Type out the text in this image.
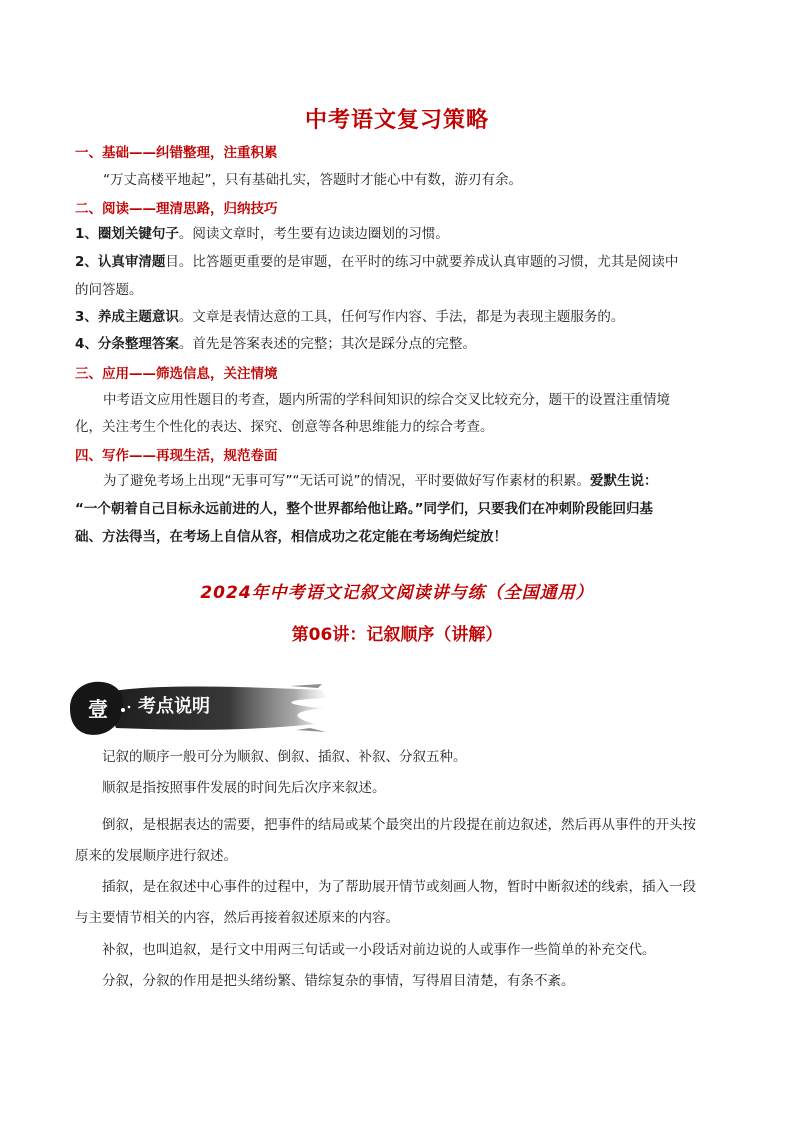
中考语文复习策略
一、基础——纠错整理，注重积累
“万丈高楼平地起”，只有基础扎实，答题时才能心中有数，游刃有余。
二、阅读——理清思路，归纳技巧
1、圈划关键句子。阅读文章时，考生要有边读边圈划的习惯。
2、认真审清题目。比答题更重要的是审题，在平时的练习中就要养成认真审题的习惯，尤其是阅读中
的问答题。
3、养成主题意识。文章是表情达意的工具，任何写作内容、手法，都是为表现主题服务的。
4、分条整理答案。首先是答案表述的完整；其次是踩分点的完整。
三、应用——筛选信息，关注情境
中考语文应用性题目的考查，题内所需的学科间知识的综合交叉比较充分，题干的设置注重情境
化，关注考生个性化的表达、探究、创意等各种思维能力的综合考查。
四、写作——再现生活，规范卷面
为了避免考场上出现“无事可写”“无话可说”的情况，平时要做好写作素材的积累。爱默生说：
“一个朝着自己目标永远前进的人，整个世界都给他让路。”同学们，只要我们在冲刺阶段能回归基
础、方法得当，在考场上自信从容，相信成功之花定能在考场绚烂绽放！
2024年中考语文记叙文阅读讲与练（全国通用）
第06讲：记叙顺序（讲解）
壹	考点说明
记叙的顺序一般可分为顺叙、倒叙、插叙、补叙、分叙五种。
顺叙是指按照事件发展的时间先后次序来叙述。
倒叙，是根据表达的需要，把事件的结局或某个最突出的片段提在前边叙述，然后再从事件的开头按
原来的发展顺序进行叙述。
插叙，是在叙述中心事件的过程中，为了帮助展开情节或刻画人物，暂时中断叙述的线索，插入一段
与主要情节相关的内容，然后再接着叙述原来的内容。
补叙，也叫追叙，是行文中用两三句话或一小段话对前边说的人或事作一些简单的补充交代。
分叙，分叙的作用是把头绪纷繁、错综复杂的事情，写得眉目清楚，有条不紊。
